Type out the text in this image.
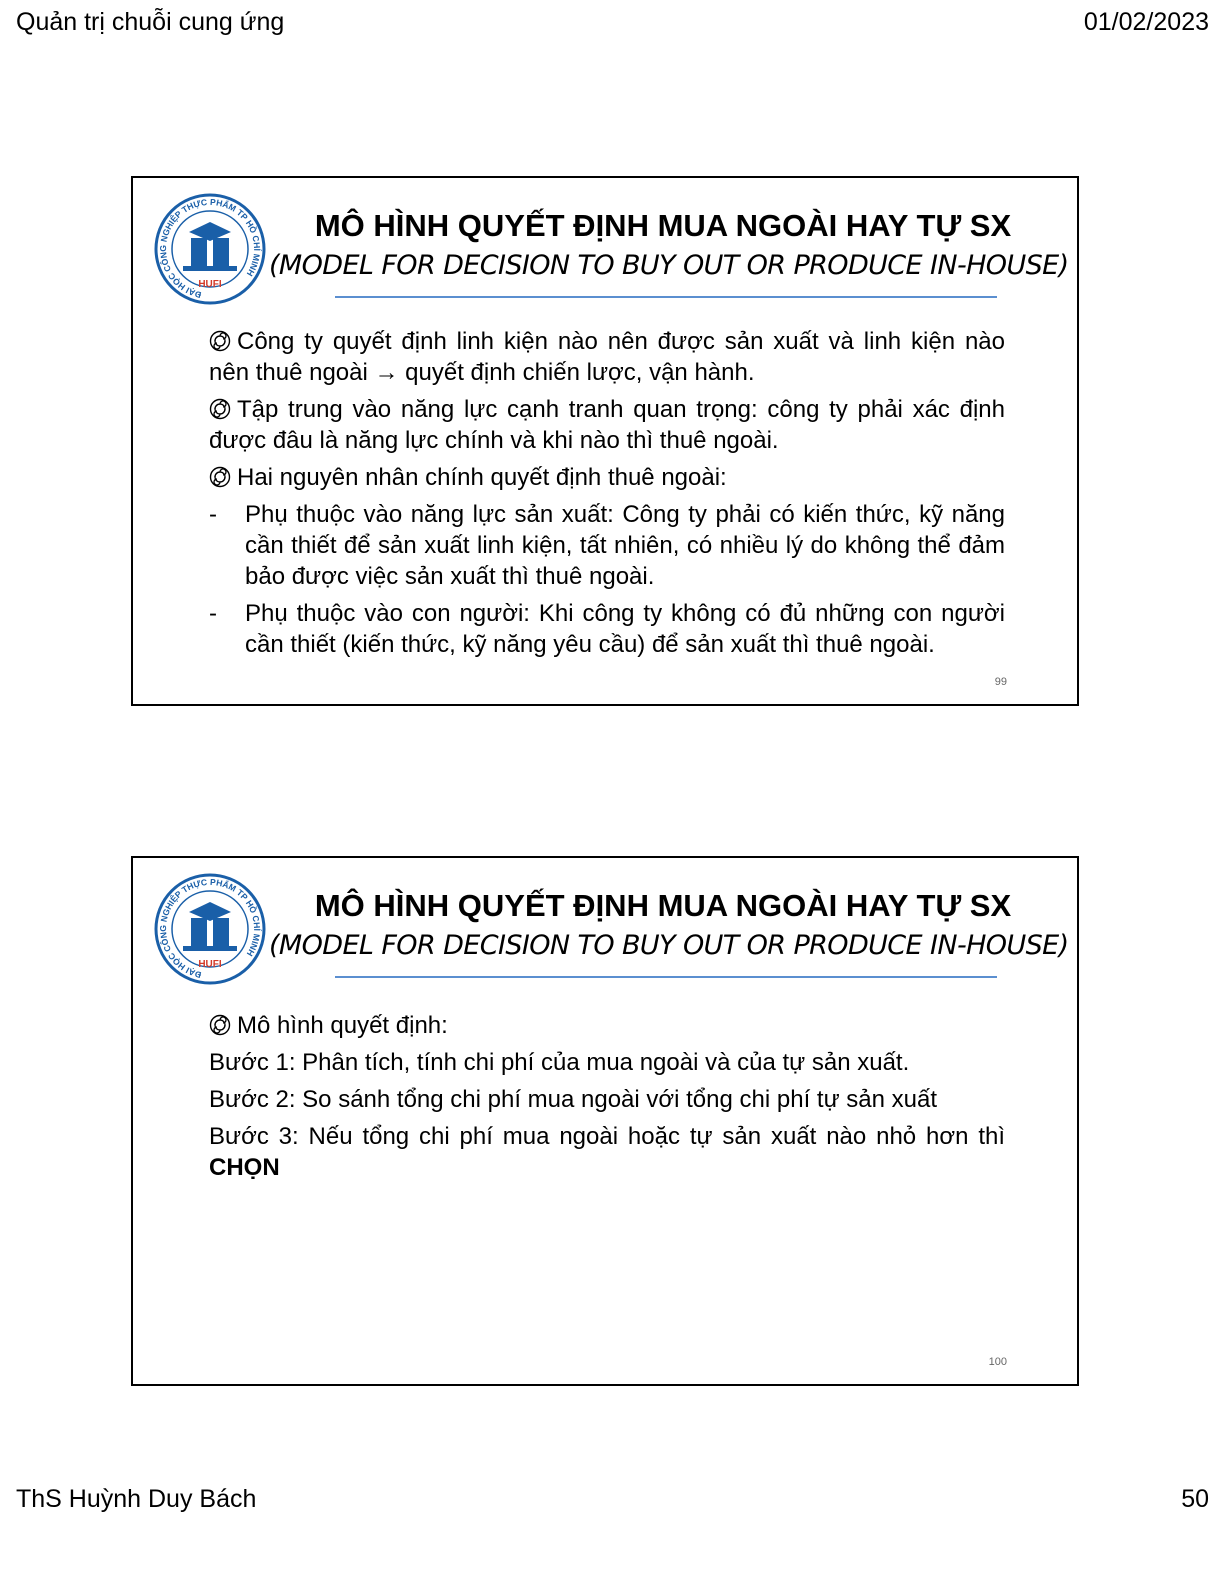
Quản trị chuỗi cung ứng	01/02/2023
ĐẠI HỌC CÔNG NGHIỆP THỰC PHẨM TP HỒ CHÍ MINH
HUFI
MÔ HÌNH QUYẾT ĐỊNH MUA NGOÀI HAY TỰ SX
(MODEL FOR DECISION TO BUY OUT OR PRODUCE IN-HOUSE)

Công ty quyết định linh kiện nào nên được sản xuất và linh kiện nào nên thuê ngoài → quyết định chiến lược, vận hành.

Tập trung vào năng lực cạnh tranh quan trọng: công ty phải xác định được đâu là năng lực chính và khi nào thì thuê ngoài.

Hai nguyên nhân chính quyết định thuê ngoài:

- Phụ thuộc vào năng lực sản xuất: Công ty phải có kiến thức, kỹ năng cần thiết để sản xuất linh kiện, tất nhiên, có nhiều lý do không thể đảm bảo được việc sản xuất thì thuê ngoài.
- Phụ thuộc vào con người: Khi công ty không có đủ những con người cần thiết (kiến thức, kỹ năng yêu cầu) để sản xuất thì thuê ngoài.
99
ĐẠI HỌC CÔNG NGHIỆP THỰC PHẨM TP HỒ CHÍ MINH
HUFI
MÔ HÌNH QUYẾT ĐỊNH MUA NGOÀI HAY TỰ SX
(MODEL FOR DECISION TO BUY OUT OR PRODUCE IN-HOUSE)

Mô hình quyết định:

Bước 1: Phân tích, tính chi phí của mua ngoài và của tự sản xuất.

Bước 2: So sánh tổng chi phí mua ngoài với tổng chi phí tự sản xuất

Bước 3: Nếu tổng chi phí mua ngoài hoặc tự sản xuất nào nhỏ hơn thì CHỌN

100
ThS Huỳnh Duy Bách	50
